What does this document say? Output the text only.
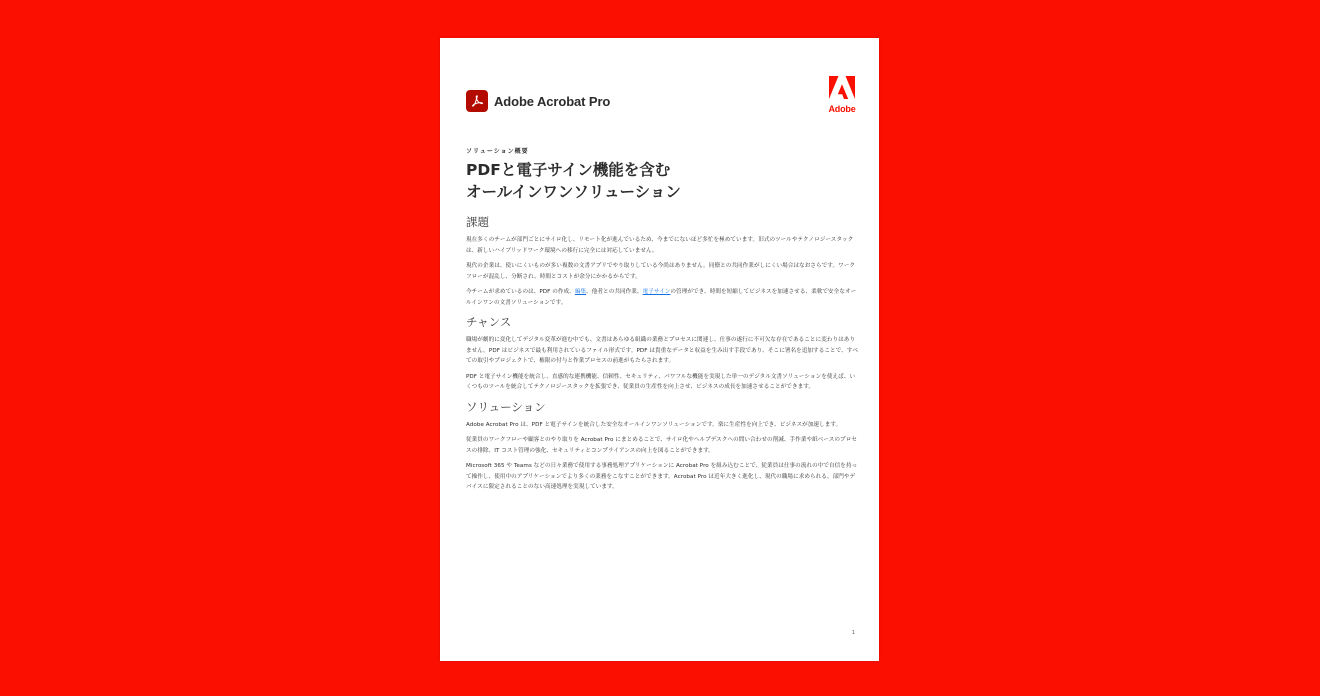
Adobe Acrobat Pro
Adobe
ソリューション概要
PDFと電子サイン機能を含む
オールインワンソリューション
課題

現在多くのチームが部門ごとにサイロ化し、リモート化が進んでいるため、今までにないほど多忙を極めています。旧式のツールやテクノロジースタックは、新しいハイブリッドワーク環境への移行に完全には対応していません。

現代の企業は、使いにくいものが多い複数の文書アプリでやり取りしている今尚はありません。同僚との共同作業がしにくい場合はなおさらです。ワークフローが混乱し、分断され、時間とコストが余分にかかるからです。

今チームが求めているのは、PDF の作成、編集、他者との共同作業、電子サインの管理ができ、時間を短縮してビジネスを加速させる、柔軟で安全なオールインワンの文書ソリューションです。

チャンス

職場が劇的に変化してデジタル変革が進む中でも、文書はあらゆる組織の業務とプロセスに関連し、仕事の遂行に不可欠な存在であることに変わりはありません。PDF はビジネスで最も利用されているファイル形式です。PDF は貴重なデータと収益を生み出す手段であり、そこに署名を追加することで、すべての取引やプロジェクトで、権限の付与と作業プロセスの前進がもたらされます。

PDF と電子サイン機能を統合し、直感的な連携機能、信頼性、セキュリティ、パワフルな機能を実現した単一のデジタル文書ソリューションを使えば、いくつものツールを統合してテクノロジースタックを拡張でき、従業員の生産性を向上させ、ビジネスの成長を加速させることができます。

ソリューション

Adobe Acrobat Pro は、PDF と電子サインを統合した安全なオールインワンソリューションです。楽に生産性を向上でき、ビジネスが加速します。

従業員のワークフローや顧客とのやり取りを Acrobat Pro にまとめることで、サイロ化やヘルプデスクへの問い合わせの削減、手作業や紙ベースのプロセスの排除、IT コスト管理の強化、セキュリティとコンプライアンスの向上を図ることができます。

Microsoft 365 や Teams などの日々業務で使用する事務処理アプリケーションに Acrobat Pro を組み込むことで、従業員は仕事の流れの中で自信を持って操作し、使用中のアプリケーションでより多くの業務をこなすことができます。Acrobat Pro は近年大きく進化し、現代の職場に求められる、部門やデバイスに限定されることのない高速処理を実現しています。

1
